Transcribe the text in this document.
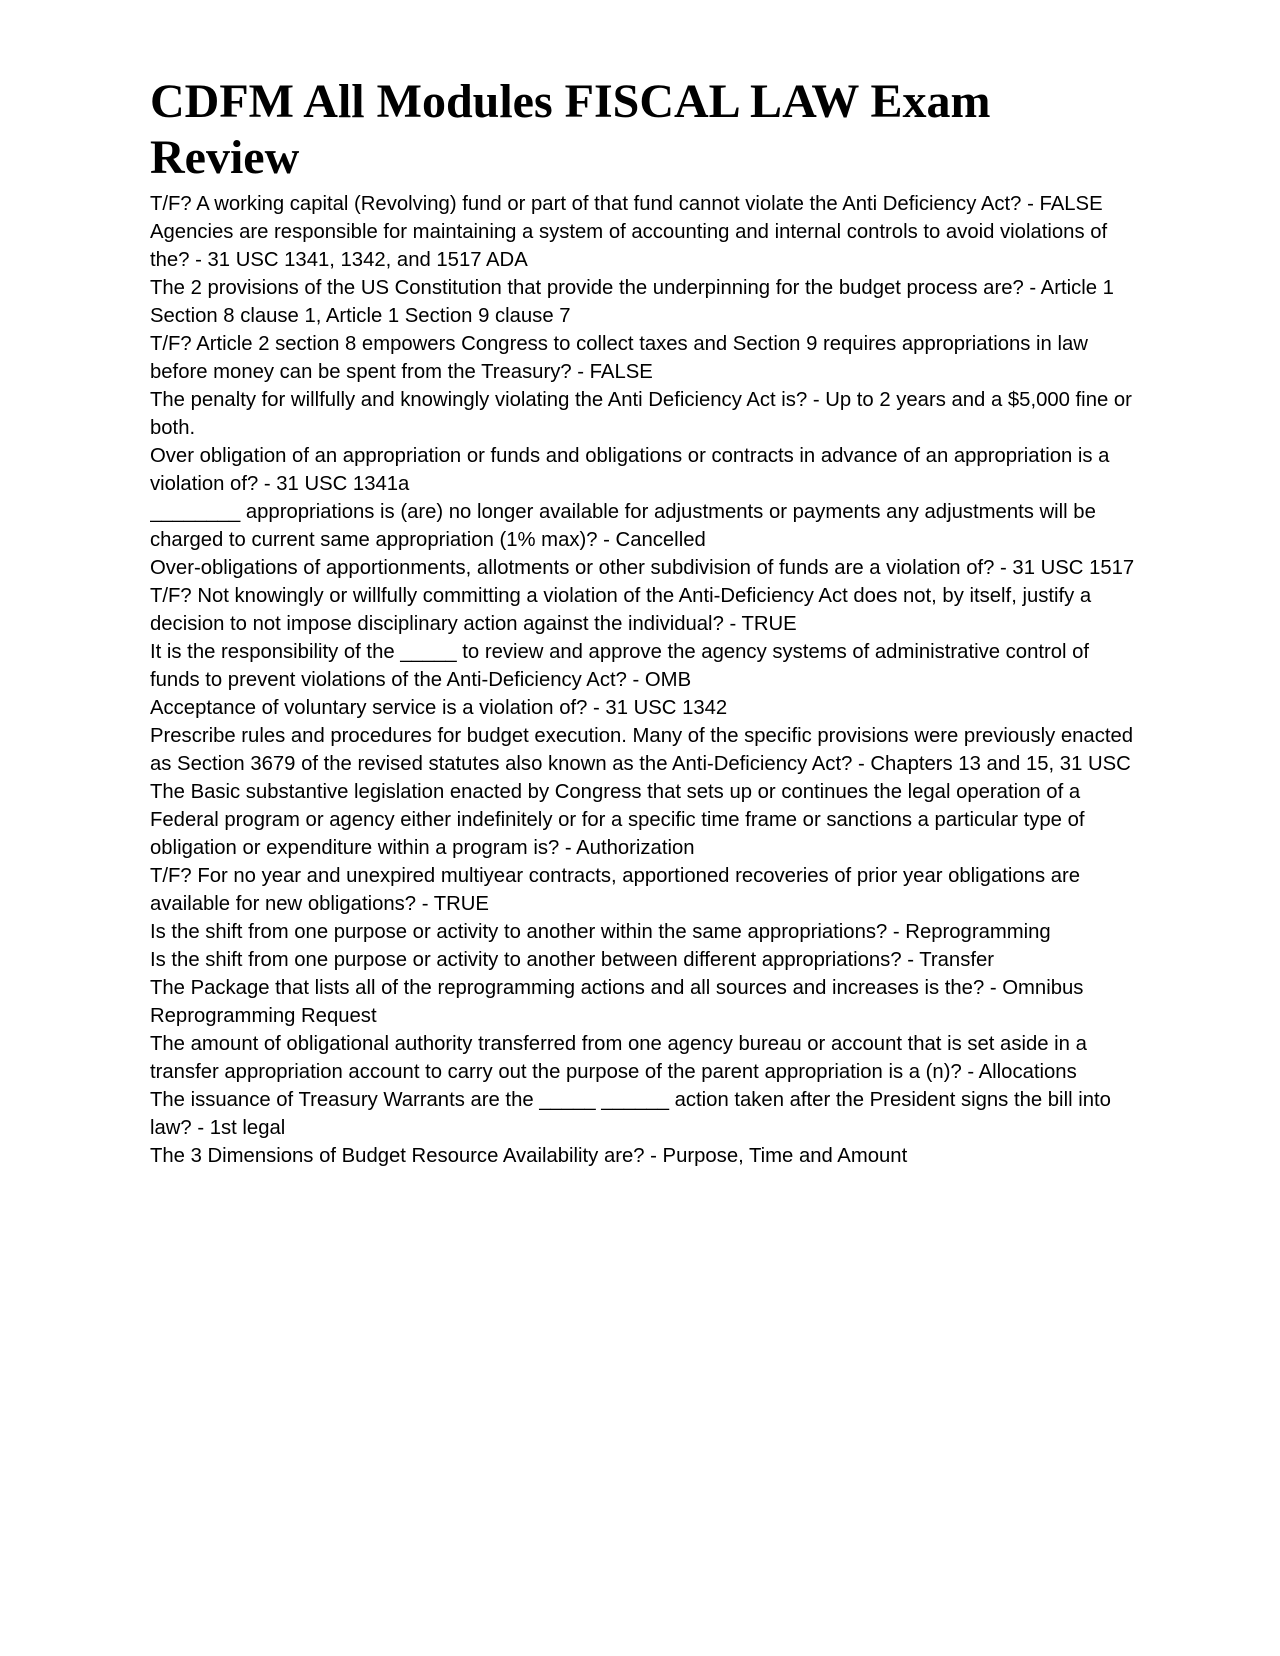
CDFM All Modules FISCAL LAW Exam Review

T/F? A working capital (Revolving) fund or part of that fund cannot violate the Anti Deficiency Act? - FALSE

Agencies are responsible for maintaining a system of accounting and internal controls to avoid violations of the? - 31 USC 1341, 1342, and 1517 ADA

The 2 provisions of the US Constitution that provide the underpinning for the budget process are? - Article 1 Section 8 clause 1, Article 1 Section 9 clause 7

T/F? Article 2 section 8 empowers Congress to collect taxes and Section 9 requires appropriations in law before money can be spent from the Treasury? - FALSE

The penalty for willfully and knowingly violating the Anti Deficiency Act is? - Up to 2 years and a $5,000 fine or both.

Over obligation of an appropriation or funds and obligations or contracts in advance of an appropriation is a violation of? - 31 USC 1341a

________ appropriations is (are) no longer available for adjustments or payments any adjustments will be charged to current same appropriation (1% max)? - Cancelled

Over-obligations of apportionments, allotments or other subdivision of funds are a violation of? - 31 USC 1517

T/F? Not knowingly or willfully committing a violation of the Anti-Deficiency Act does not, by itself, justify a decision to not impose disciplinary action against the individual? - TRUE

It is the responsibility of the _____ to review and approve the agency systems of administrative control of funds to prevent violations of the Anti-Deficiency Act? - OMB

Acceptance of voluntary service is a violation of? - 31 USC 1342

Prescribe rules and procedures for budget execution. Many of the specific provisions were previously enacted as Section 3679 of the revised statutes also known as the Anti-Deficiency Act? - Chapters 13 and 15, 31 USC

The Basic substantive legislation enacted by Congress that sets up or continues the legal operation of a Federal program or agency either indefinitely or for a specific time frame or sanctions a particular type of obligation or expenditure within a program is? - Authorization

T/F? For no year and unexpired multiyear contracts, apportioned recoveries of prior year obligations are available for new obligations? - TRUE

Is the shift from one purpose or activity to another within the same appropriations? - Reprogramming

Is the shift from one purpose or activity to another between different appropriations? - Transfer

The Package that lists all of the reprogramming actions and all sources and increases is the? - Omnibus Reprogramming Request

The amount of obligational authority transferred from one agency bureau or account that is set aside in a transfer appropriation account to carry out the purpose of the parent appropriation is a (n)? - Allocations

The issuance of Treasury Warrants are the _____ ______ action taken after the President signs the bill into law? - 1st legal

The 3 Dimensions of Budget Resource Availability are? - Purpose, Time and Amount
